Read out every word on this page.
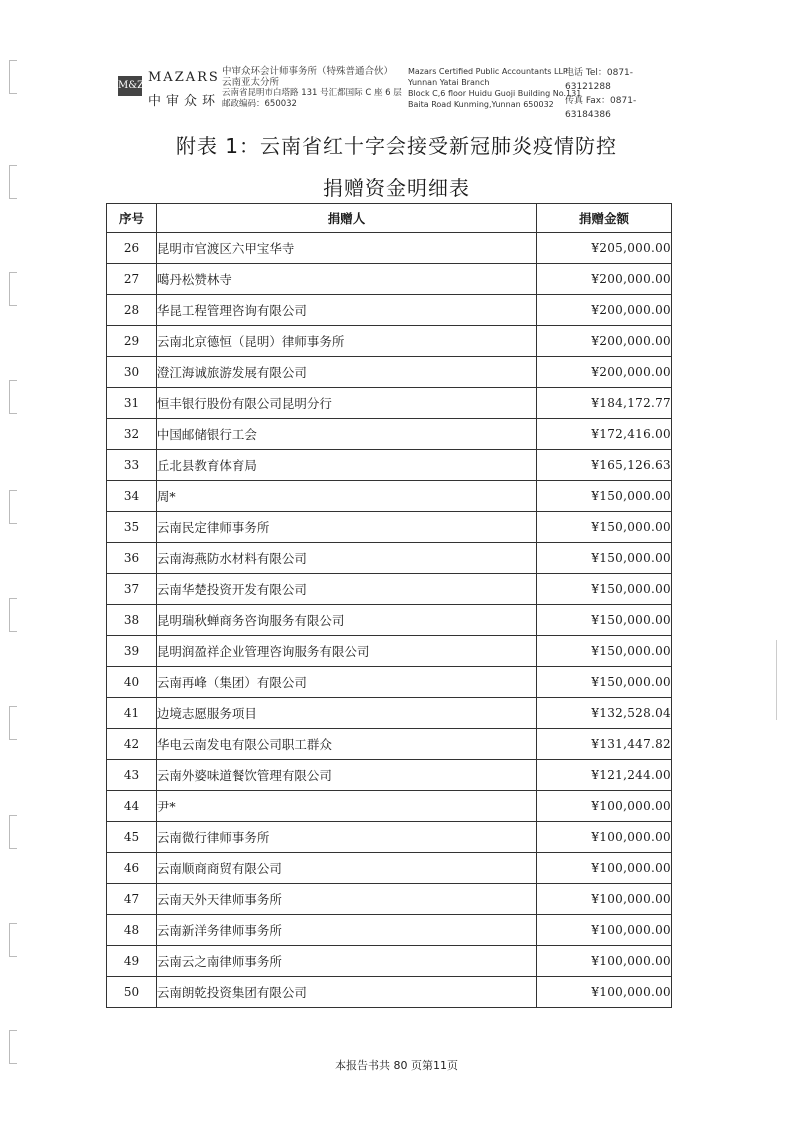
M&Z
MAZARS
中审众环
中审众环会计师事务所（特殊普通合伙）
云南亚太分所
云南省昆明市白塔路 131 号汇都国际 C 座 6 层
邮政编码：650032
Mazars Certified Public Accountants LLP
Yunnan Yatai Branch
Block C,6 floor Huidu Guoji Building No.131
Baita Road Kunming,Yunnan 650032
电话 Tel：0871-63121288
传真 Fax：0871-63184386
附表 1：云南省红十字会接受新冠肺炎疫情防控
捐赠资金明细表
序号	捐赠人	捐赠金额
26	昆明市官渡区六甲宝华寺	¥205,000.00
27	噶丹松赞林寺	¥200,000.00
28	华昆工程管理咨询有限公司	¥200,000.00
29	云南北京德恒（昆明）律师事务所	¥200,000.00
30	澄江海诚旅游发展有限公司	¥200,000.00
31	恒丰银行股份有限公司昆明分行	¥184,172.77
32	中国邮储银行工会	¥172,416.00
33	丘北县教育体育局	¥165,126.63
34	周*	¥150,000.00
35	云南民定律师事务所	¥150,000.00
36	云南海燕防水材料有限公司	¥150,000.00
37	云南华楚投资开发有限公司	¥150,000.00
38	昆明瑞秋蝉商务咨询服务有限公司	¥150,000.00
39	昆明润盈祥企业管理咨询服务有限公司	¥150,000.00
40	云南再峰（集团）有限公司	¥150,000.00
41	边境志愿服务项目	¥132,528.04
42	华电云南发电有限公司职工群众	¥131,447.82
43	云南外婆味道餐饮管理有限公司	¥121,244.00
44	尹*	¥100,000.00
45	云南微行律师事务所	¥100,000.00
46	云南顺商商贸有限公司	¥100,000.00
47	云南天外天律师事务所	¥100,000.00
48	云南新洋务律师事务所	¥100,000.00
49	云南云之南律师事务所	¥100,000.00
50	云南朗乾投资集团有限公司	¥100,000.00
本报告书共 80 页第11页
